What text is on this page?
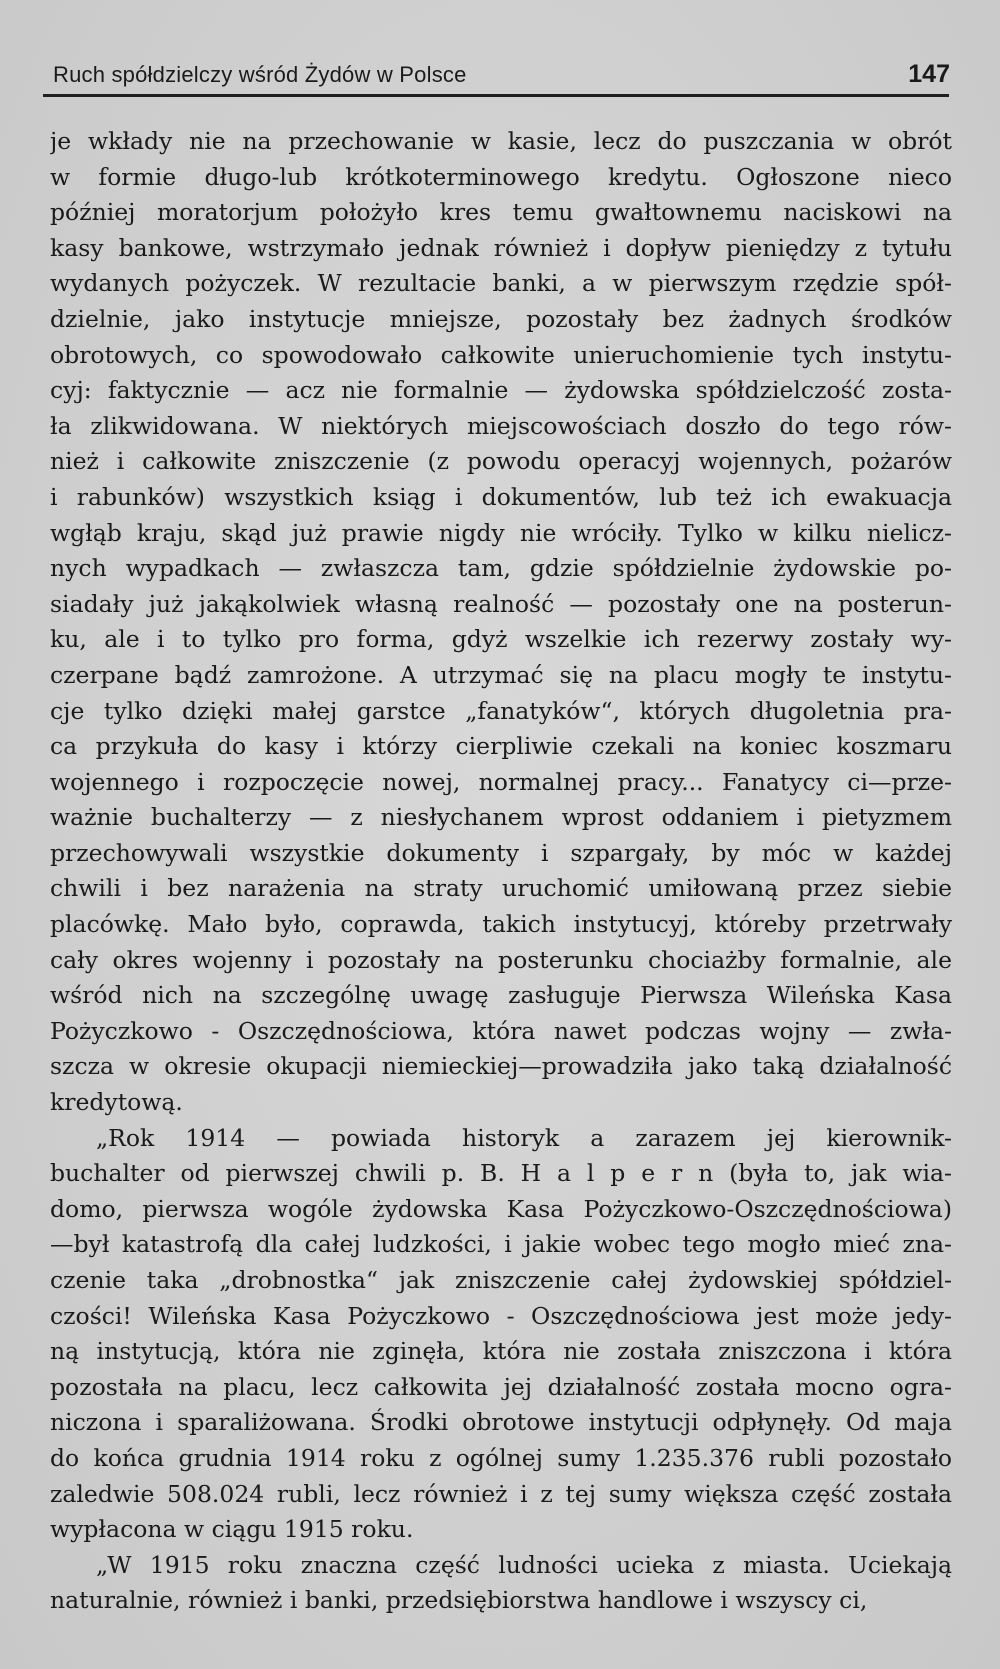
Ruch spółdzielczy wśród Żydów w Polsce	147
je wkłady nie na przechowanie w kasie, lecz do puszczania w obrót
w formie długo-lub krótkoterminowego kredytu. Ogłoszone nieco
później moratorjum położyło kres temu gwałtownemu naciskowi na
kasy bankowe, wstrzymało jednak również i dopływ pieniędzy z tytułu
wydanych pożyczek. W rezultacie banki, a w pierwszym rzędzie spół-
dzielnie, jako instytucje mniejsze, pozostały bez żadnych środków
obrotowych, co spowodowało całkowite unieruchomienie tych instytu-
cyj: faktycznie — acz nie formalnie — żydowska spółdzielczość zosta-
ła zlikwidowana. W niektórych miejscowościach doszło do tego rów-
nież i całkowite zniszczenie (z powodu operacyj wojennych, pożarów
i rabunków) wszystkich ksiąg i dokumentów, lub też ich ewakuacja
wgłąb kraju, skąd już prawie nigdy nie wróciły. Tylko w kilku nielicz-
nych wypadkach — zwłaszcza tam, gdzie spółdzielnie żydowskie po-
siadały już jakąkolwiek własną realność — pozostały one na posterun-
ku, ale i to tylko pro forma, gdyż wszelkie ich rezerwy zostały wy-
czerpane bądź zamrożone. A utrzymać się na placu mogły te instytu-
cje tylko dzięki małej garstce „fanatyków“, których długoletnia pra-
ca przykuła do kasy i którzy cierpliwie czekali na koniec koszmaru
wojennego i rozpoczęcie nowej, normalnej pracy... Fanatycy ci—prze-
ważnie buchalterzy — z niesłychanem wprost oddaniem i pietyzmem
przechowywali wszystkie dokumenty i szpargały, by móc w każdej
chwili i bez narażenia na straty uruchomić umiłowaną przez siebie
placówkę. Mało było, coprawda, takich instytucyj, któreby przetrwały
cały okres wojenny i pozostały na posterunku chociażby formalnie, ale
wśród nich na szczególnę uwagę zasługuje Pierwsza Wileńska Kasa
Pożyczkowo - Oszczędnościowa, która nawet podczas wojny — zwła-
szcza w okresie okupacji niemieckiej—prowadziła jako taką działalność
kredytową.
„Rok 1914 — powiada historyk a zarazem jej kierownik-
buchalter od pierwszej chwili p. B. H a l p e r n (była to, jak wia-
domo, pierwsza wogóle żydowska Kasa Pożyczkowo-Oszczędnościowa)
—był katastrofą dla całej ludzkości, i jakie wobec tego mogło mieć zna-
czenie taka „drobnostka“ jak zniszczenie całej żydowskiej spółdziel-
czości! Wileńska Kasa Pożyczkowo - Oszczędnościowa jest może jedy-
ną instytucją, która nie zginęła, która nie została zniszczona i która
pozostała na placu, lecz całkowita jej działalność została mocno ogra-
niczona i sparaliżowana. Środki obrotowe instytucji odpłynęły. Od maja
do końca grudnia 1914 roku z ogólnej sumy 1.235.376 rubli pozostało
zaledwie 508.024 rubli, lecz również i z tej sumy większa część została
wypłacona w ciągu 1915 roku.
„W 1915 roku znaczna część ludności ucieka z miasta. Uciekają
naturalnie, również i banki, przedsiębiorstwa handlowe i wszyscy ci,
